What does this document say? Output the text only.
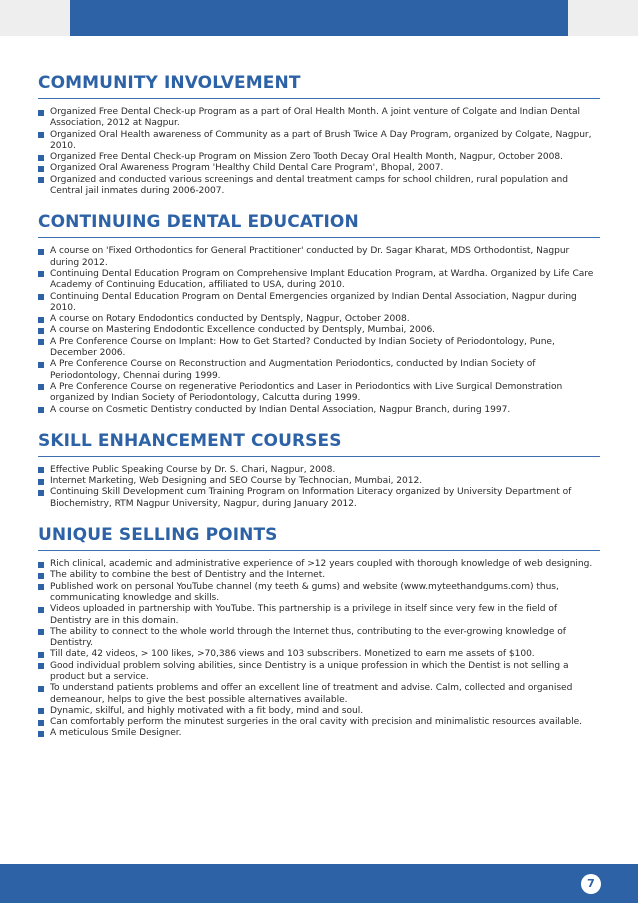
COMMUNITY INVOLVEMENT
Organized Free Dental Check-up Program as a part of Oral Health Month. A joint venture of Colgate and Indian Dental Association, 2012 at Nagpur.
Organized Oral Health awareness of Community as a part of Brush Twice A Day Program, organized by Colgate, Nagpur, 2010.
Organized Free Dental Check-up Program on Mission Zero Tooth Decay Oral Health Month, Nagpur, October 2008.
Organized Oral Awareness Program 'Healthy Child Dental Care Program', Bhopal, 2007.
Organized and conducted various screenings and dental treatment camps for school children, rural population and Central jail inmates during 2006-2007.
CONTINUING DENTAL EDUCATION
A course on 'Fixed Orthodontics for General Practitioner' conducted by Dr. Sagar Kharat, MDS Orthodontist, Nagpur during 2012.
Continuing Dental Education Program on Comprehensive Implant Education Program, at Wardha. Organized by Life Care Academy of Continuing Education, affiliated to USA, during 2010.
Continuing Dental Education Program on Dental Emergencies organized by Indian Dental Association, Nagpur during 2010.
A course on Rotary Endodontics conducted by Dentsply, Nagpur, October 2008.
A course on Mastering Endodontic Excellence conducted by Dentsply, Mumbai, 2006.
A Pre Conference Course on Implant: How to Get Started? Conducted by Indian Society of Periodontology, Pune, December 2006.
A Pre Conference Course on Reconstruction and Augmentation Periodontics, conducted by Indian Society of Periodontology, Chennai during 1999.
A Pre Conference Course on regenerative Periodontics and Laser in Periodontics with Live Surgical Demonstration organized by Indian Society of Periodontology, Calcutta during 1999.
A course on Cosmetic Dentistry conducted by Indian Dental Association, Nagpur Branch, during 1997.
SKILL ENHANCEMENT COURSES
Effective Public Speaking Course by Dr. S. Chari, Nagpur, 2008.
Internet Marketing, Web Designing and SEO Course by Technocian, Mumbai, 2012.
Continuing Skill Development cum Training Program on Information Literacy organized by University Department of Biochemistry, RTM Nagpur University, Nagpur, during January 2012.
UNIQUE SELLING POINTS
Rich clinical, academic and administrative experience of >12 years coupled with thorough knowledge of web designing.
The ability to combine the best of Dentistry and the Internet.
Published work on personal YouTube channel (my teeth & gums) and website (www.myteethandgums.com) thus, communicating knowledge and skills.
Videos uploaded in partnership with YouTube. This partnership is a privilege in itself since very few in the field of Dentistry are in this domain.
The ability to connect to the whole world through the Internet thus, contributing to the ever-growing knowledge of Dentistry.
Till date, 42 videos, > 100 likes, >70,386 views and 103 subscribers. Monetized to earn me assets of $100.
Good individual problem solving abilities, since Dentistry is a unique profession in which the Dentist is not selling a product but a service.
To understand patients problems and offer an excellent line of treatment and advise. Calm, collected and organised demeanour, helps to give the best possible alternatives available.
Dynamic, skilful, and highly motivated with a fit body, mind and soul.
Can comfortably perform the minutest surgeries in the oral cavity with precision and minimalistic resources available.
A meticulous Smile Designer.
7
